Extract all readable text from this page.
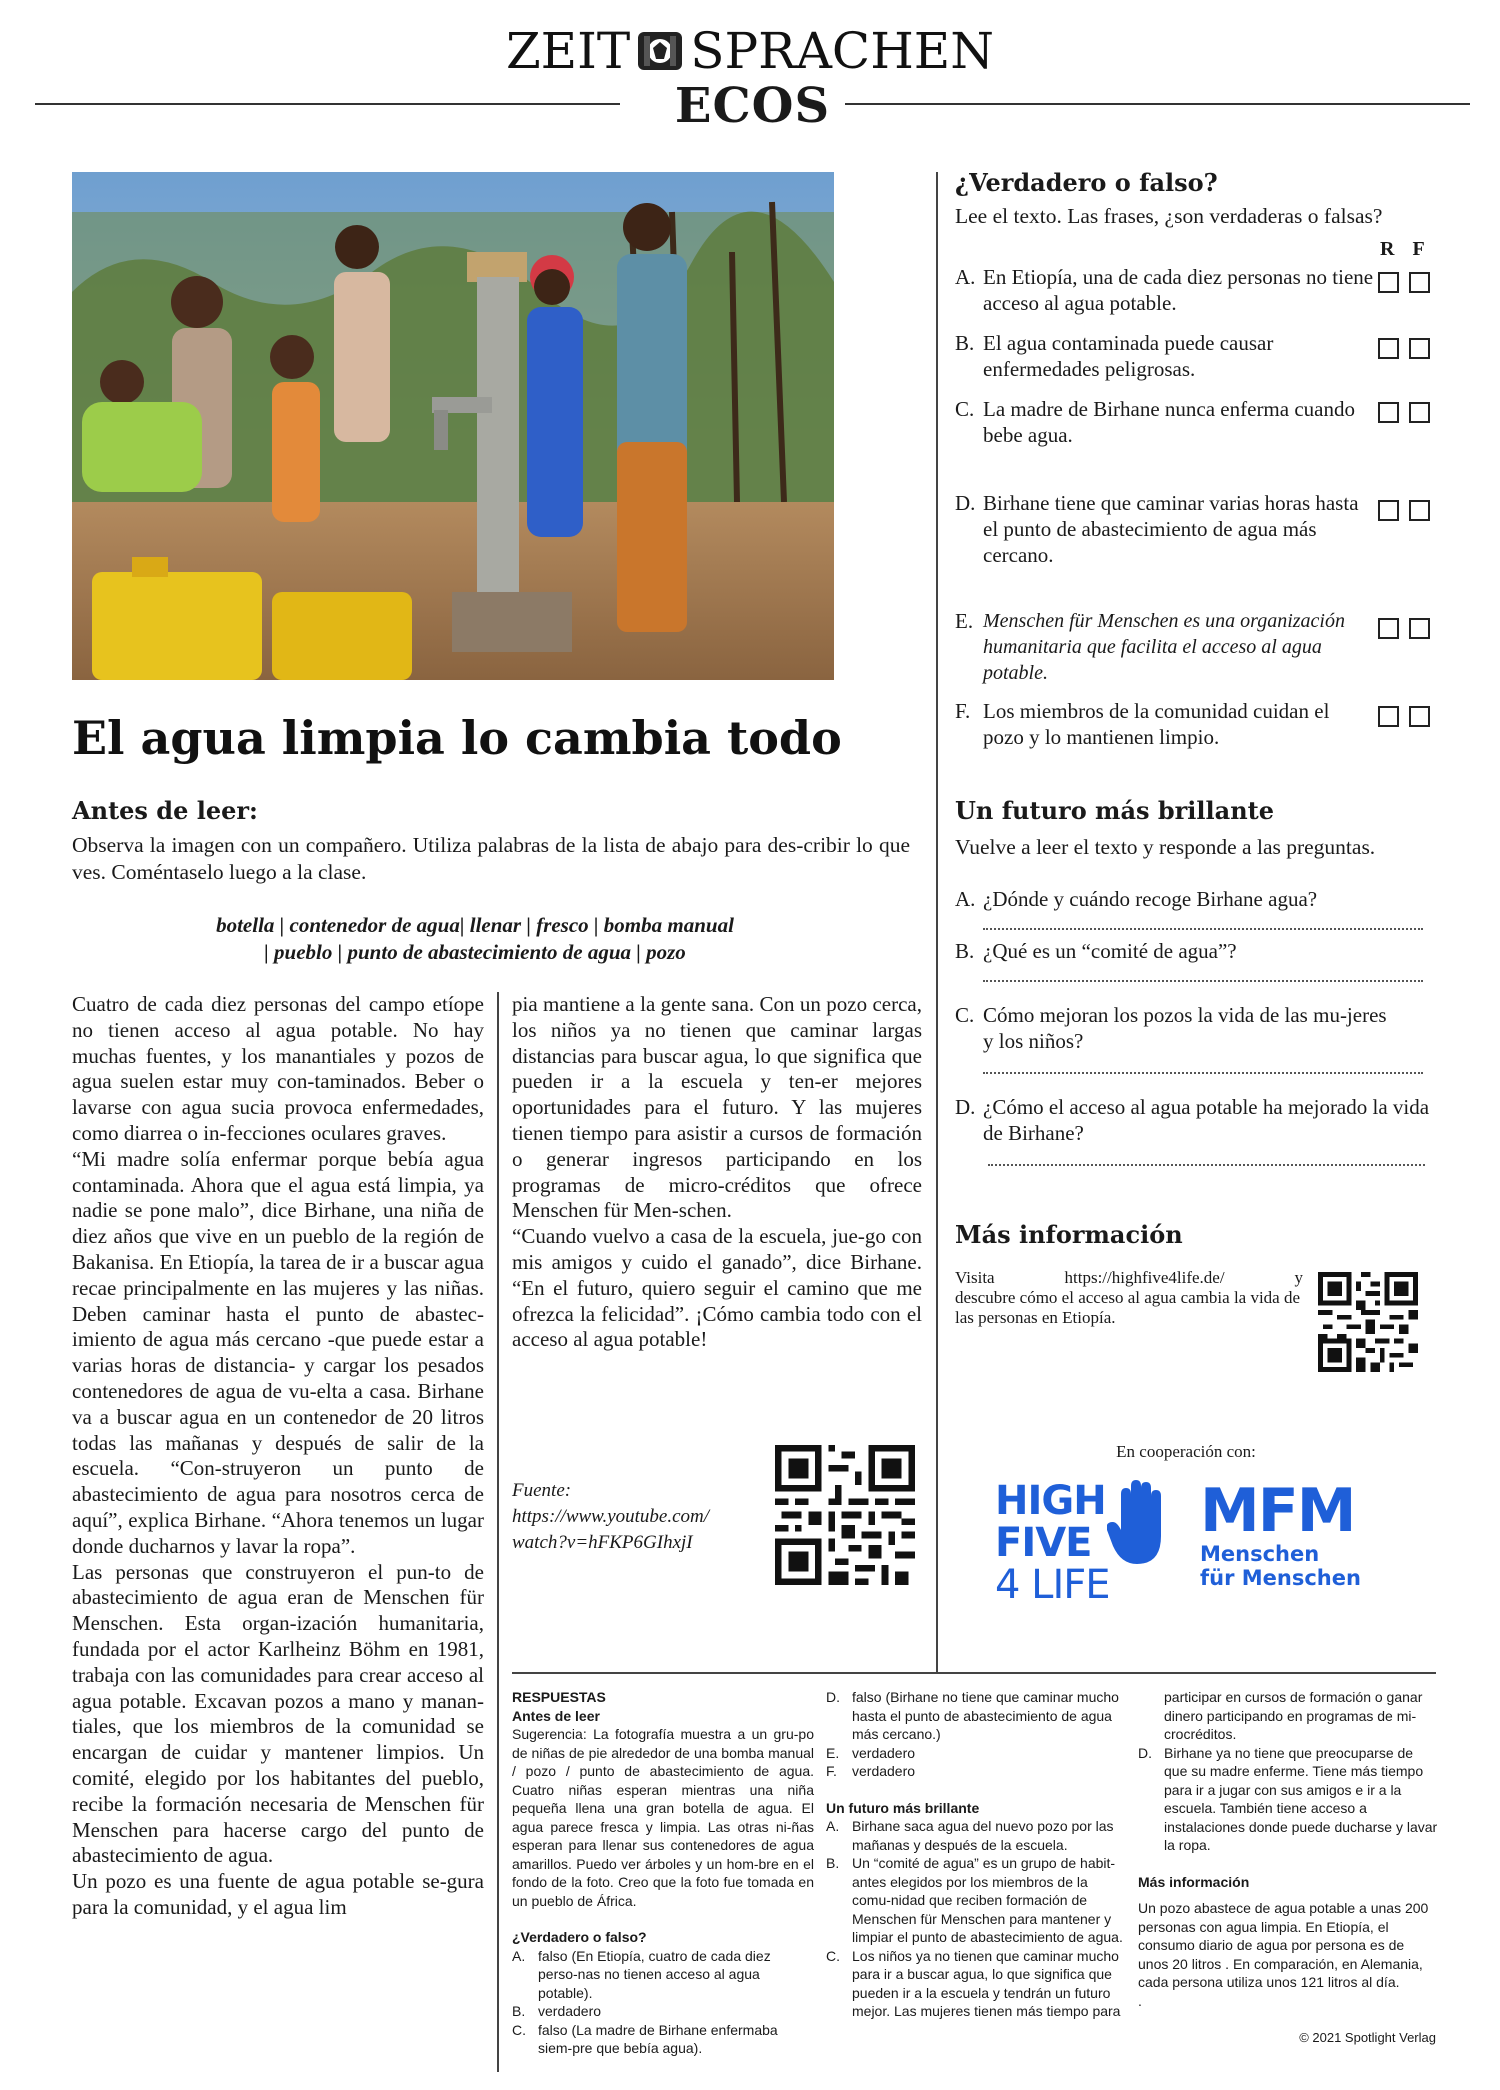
ZEIT SPRACHEN
ECOS
El agua limpia lo cambia todo
Antes de leer:
Observa la imagen con un compañero. Utiliza palabras de la lista de abajo para des-cribir lo que ves. Coméntaselo luego a la clase.
botella | contenedor de agua| llenar | fresco | bomba manual
| pueblo | punto de abastecimiento de agua | pozo

Cuatro de cada diez personas del campo etíope no tienen acceso al agua potable. No hay muchas fuentes, y los manantiales y pozos de agua suelen estar muy con-taminados. Beber o lavarse con agua sucia provoca enfermedades, como diarrea o in-fecciones oculares graves.

“Mi madre solía enfermar porque bebía agua contaminada. Ahora que el agua está limpia, ya nadie se pone malo”, dice Birhane, una niña de diez años que vive en un pueblo de la región de Bakanisa. En Etiopía, la tarea de ir a buscar agua recae principalmente en las mujeres y las niñas. Deben caminar hasta el punto de abastec-imiento de agua más cercano -que puede estar a varias horas de distancia- y cargar los pesados contenedores de agua de vu-elta a casa. Birhane va a buscar agua en un contenedor de 20 litros todas las mañanas y después de salir de la escuela. “Con-struyeron un punto de abastecimiento de agua para nosotros cerca de aquí”, explica Birhane. “Ahora tenemos un lugar donde ducharnos y lavar la ropa”.

Las personas que construyeron el pun-to de abastecimiento de agua eran de Menschen für Menschen. Esta organ-ización humanitaria, fundada por el actor Karlheinz Böhm en 1981, trabaja con las comunidades para crear acceso al agua potable. Excavan pozos a mano y manan-tiales, que los miembros de la comunidad se encargan de cuidar y mantener limpios. Un comité, elegido por los habitantes del pueblo, recibe la formación necesaria de Menschen für Menschen para hacerse cargo del punto de abastecimiento de agua.

Un pozo es una fuente de agua potable se-gura para la comunidad, y el agua lim

pia mantiene a la gente sana. Con un pozo cerca, los niños ya no tienen que caminar largas distancias para buscar agua, lo que significa que pueden ir a la escuela y ten-er mejores oportunidades para el futuro. Y las mujeres tienen tiempo para asistir a cursos de formación o generar ingresos participando en los programas de micro-créditos que ofrece Menschen für Men-schen.

“Cuando vuelvo a casa de la escuela, jue-go con mis amigos y cuido el ganado”, dice Birhane. “En el futuro, quiero seguir el camino que me ofrezca la felicidad”. ¡Cómo cambia todo con el acceso al agua potable!

Fuente:
https://www.youtube.com/
watch?v=hFKP6GIhxjI
¿Verdadero o falso?
Lee el texto. Las frases, ¿son verdaderas o falsas?
R F
A. En Etiopía, una de cada diez personas no tiene acceso al agua potable.
B. El agua contaminada puede causar enfermedades peligrosas.
C. La madre de Birhane nunca enferma cuando bebe agua.
D. Birhane tiene que caminar varias horas hasta el punto de abastecimiento de agua más cercano.
E. Menschen für Menschen es una organización humanitaria que facilita el acceso al agua potable.
F. Los miembros de la comunidad cuidan el pozo y lo mantienen limpio.
Un futuro más brillante
Vuelve a leer el texto y responde a las preguntas.
A. ¿Dónde y cuándo recoge Birhane agua?
B. ¿Qué es un “comité de agua”?
C. Cómo mejoran los pozos la vida de las mu-jeres y los niños?
D. ¿Cómo el acceso al agua potable ha mejorado la vida de Birhane?
Más información
Visita	https://highfive4life.de/	y
descubre cómo el acceso al agua cambia la vida de las personas en Etiopía.
En cooperación con:
HIGH
FIVE
4 LIFE
MFM
Menschen
für Menschen
RESPUESTAS
Antes de leer
Sugerencia: La fotografía muestra a un gru-po de niñas de pie alrededor de una bomba manual / pozo / punto de abastecimiento de agua. Cuatro niñas esperan mientras una niña pequeña llena una gran botella de agua. El agua parece fresca y limpia. Las otras ni-ñas esperan para llenar sus contenedores de agua amarillos. Puedo ver árboles y un hom-bre en el fondo de la foto. Creo que la foto fue tomada en un pueblo de África.
¿Verdadero o falso?
A. falso (En Etiopía, cuatro de cada diez perso-nas no tienen acceso al agua potable).
B. verdadero
C. falso (La madre de Birhane enfermaba siem-pre que bebía agua).
D. falso (Birhane no tiene que caminar mucho hasta el punto de abastecimiento de agua más cercano.)
E. verdadero
F. verdadero
Un futuro más brillante
A. Birhane saca agua del nuevo pozo por las mañanas y después de la escuela.
B. Un “comité de agua” es un grupo de habit-antes elegidos por los miembros de la comu-nidad que reciben formación de Menschen für Menschen para mantener y limpiar el punto de abastecimiento de agua.
C. Los niños ya no tienen que caminar mucho para ir a buscar agua, lo que significa que pueden ir a la escuela y tendrán un futuro mejor. Las mujeres tienen más tiempo para
participar en cursos de formación o ganar dinero participando en programas de mi-crocréditos.
D. Birhane ya no tiene que preocuparse de que su madre enferme. Tiene más tiempo para ir a jugar con sus amigos e ir a la escuela. También tiene acceso a instalaciones donde puede ducharse y lavar la ropa.
Más información
Un pozo abastece de agua potable a unas 200 personas con agua limpia. En Etiopía, el consumo diario de agua por persona es de unos 20 litros . En comparación, en Alemania, cada persona utiliza unos 121 litros al día.
.
© 2021 Spotlight Verlag
